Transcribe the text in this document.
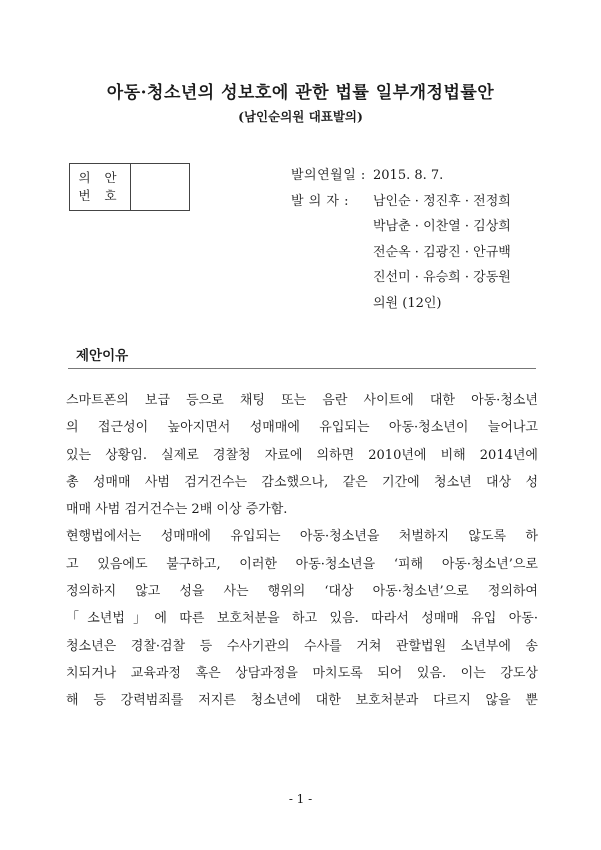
아동·청소년의 성보호에 관한 법률 일부개정법률안
(남인순의원 대표발의)
의 안
번 호
발의연월일 : 2015. 8. 7.
발 의 자 :	남인순 · 정진후 · 전정희
박남춘 · 이찬열 · 김상희
전순옥 · 김광진 · 안규백
진선미 · 유승희 · 강동원
의원 (12인)
제안이유
스마트폰의 보급 등으로 채팅 또는 음란 사이트에 대한 아동·청소년
의 접근성이 높아지면서 성매매에 유입되는 아동·청소년이 늘어나고
있는 상황임. 실제로 경찰청 자료에 의하면 2010년에 비해 2014년에
총 성매매 사범 검거건수는 감소했으나, 같은 기간에 청소년 대상 성
매매 사범 검거건수는 2배 이상 증가함.
현행법에서는 성매매에 유입되는 아동·청소년을 처벌하지 않도록 하
고 있음에도 불구하고, 이러한 아동·청소년을 ‘피해 아동·청소년’으로
정의하지 않고 성을 사는 행위의 ‘대상 아동·청소년’으로 정의하여
「소년법」에 따른 보호처분을 하고 있음. 따라서 성매매 유입 아동·
청소년은 경찰·검찰 등 수사기관의 수사를 거쳐 관할법원 소년부에 송
치되거나 교육과정 혹은 상담과정을 마치도록 되어 있음. 이는 강도상
해 등 강력범죄를 저지른 청소년에 대한 보호처분과 다르지 않을 뿐
- 1 -
